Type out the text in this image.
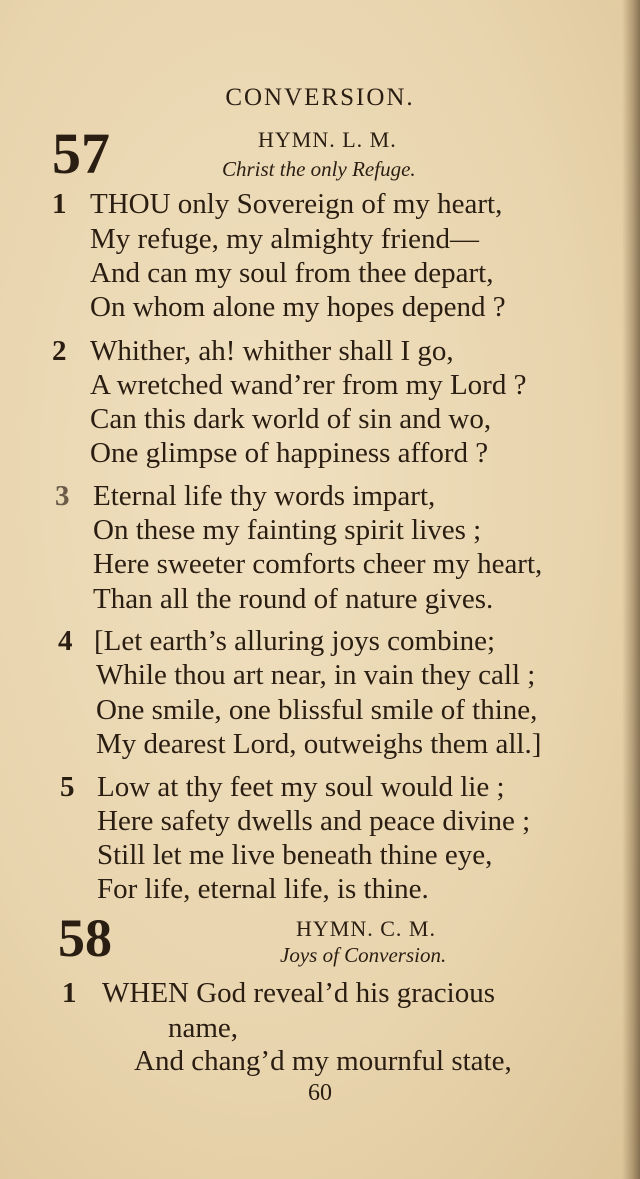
CONVERSION.
57	HYMN. L. M.
Christ the only Refuge.
1 THOU only Sovereign of my heart,
My refuge, my almighty friend—
And can my soul from thee depart,
On whom alone my hopes depend ?
2 Whither, ah! whither shall I go,
A wretched wand’rer from my Lord ?
Can this dark world of sin and wo,
One glimpse of happiness afford ?
3 Eternal life thy words impart,
On these my fainting spirit lives ;
Here sweeter comforts cheer my heart,
Than all the round of nature gives.
4 [Let earth’s alluring joys combine;
While thou art near, in vain they call ;
One smile, one blissful smile of thine,
My dearest Lord, outweighs them all.]
5 Low at thy feet my soul would lie ;
Here safety dwells and peace divine ;
Still let me live beneath thine eye,
For life, eternal life, is thine.
58	HYMN. C. M.
Joys of Conversion.
1 WHEN God reveal’d his gracious
name,
And chang’d my mournful state,
60
